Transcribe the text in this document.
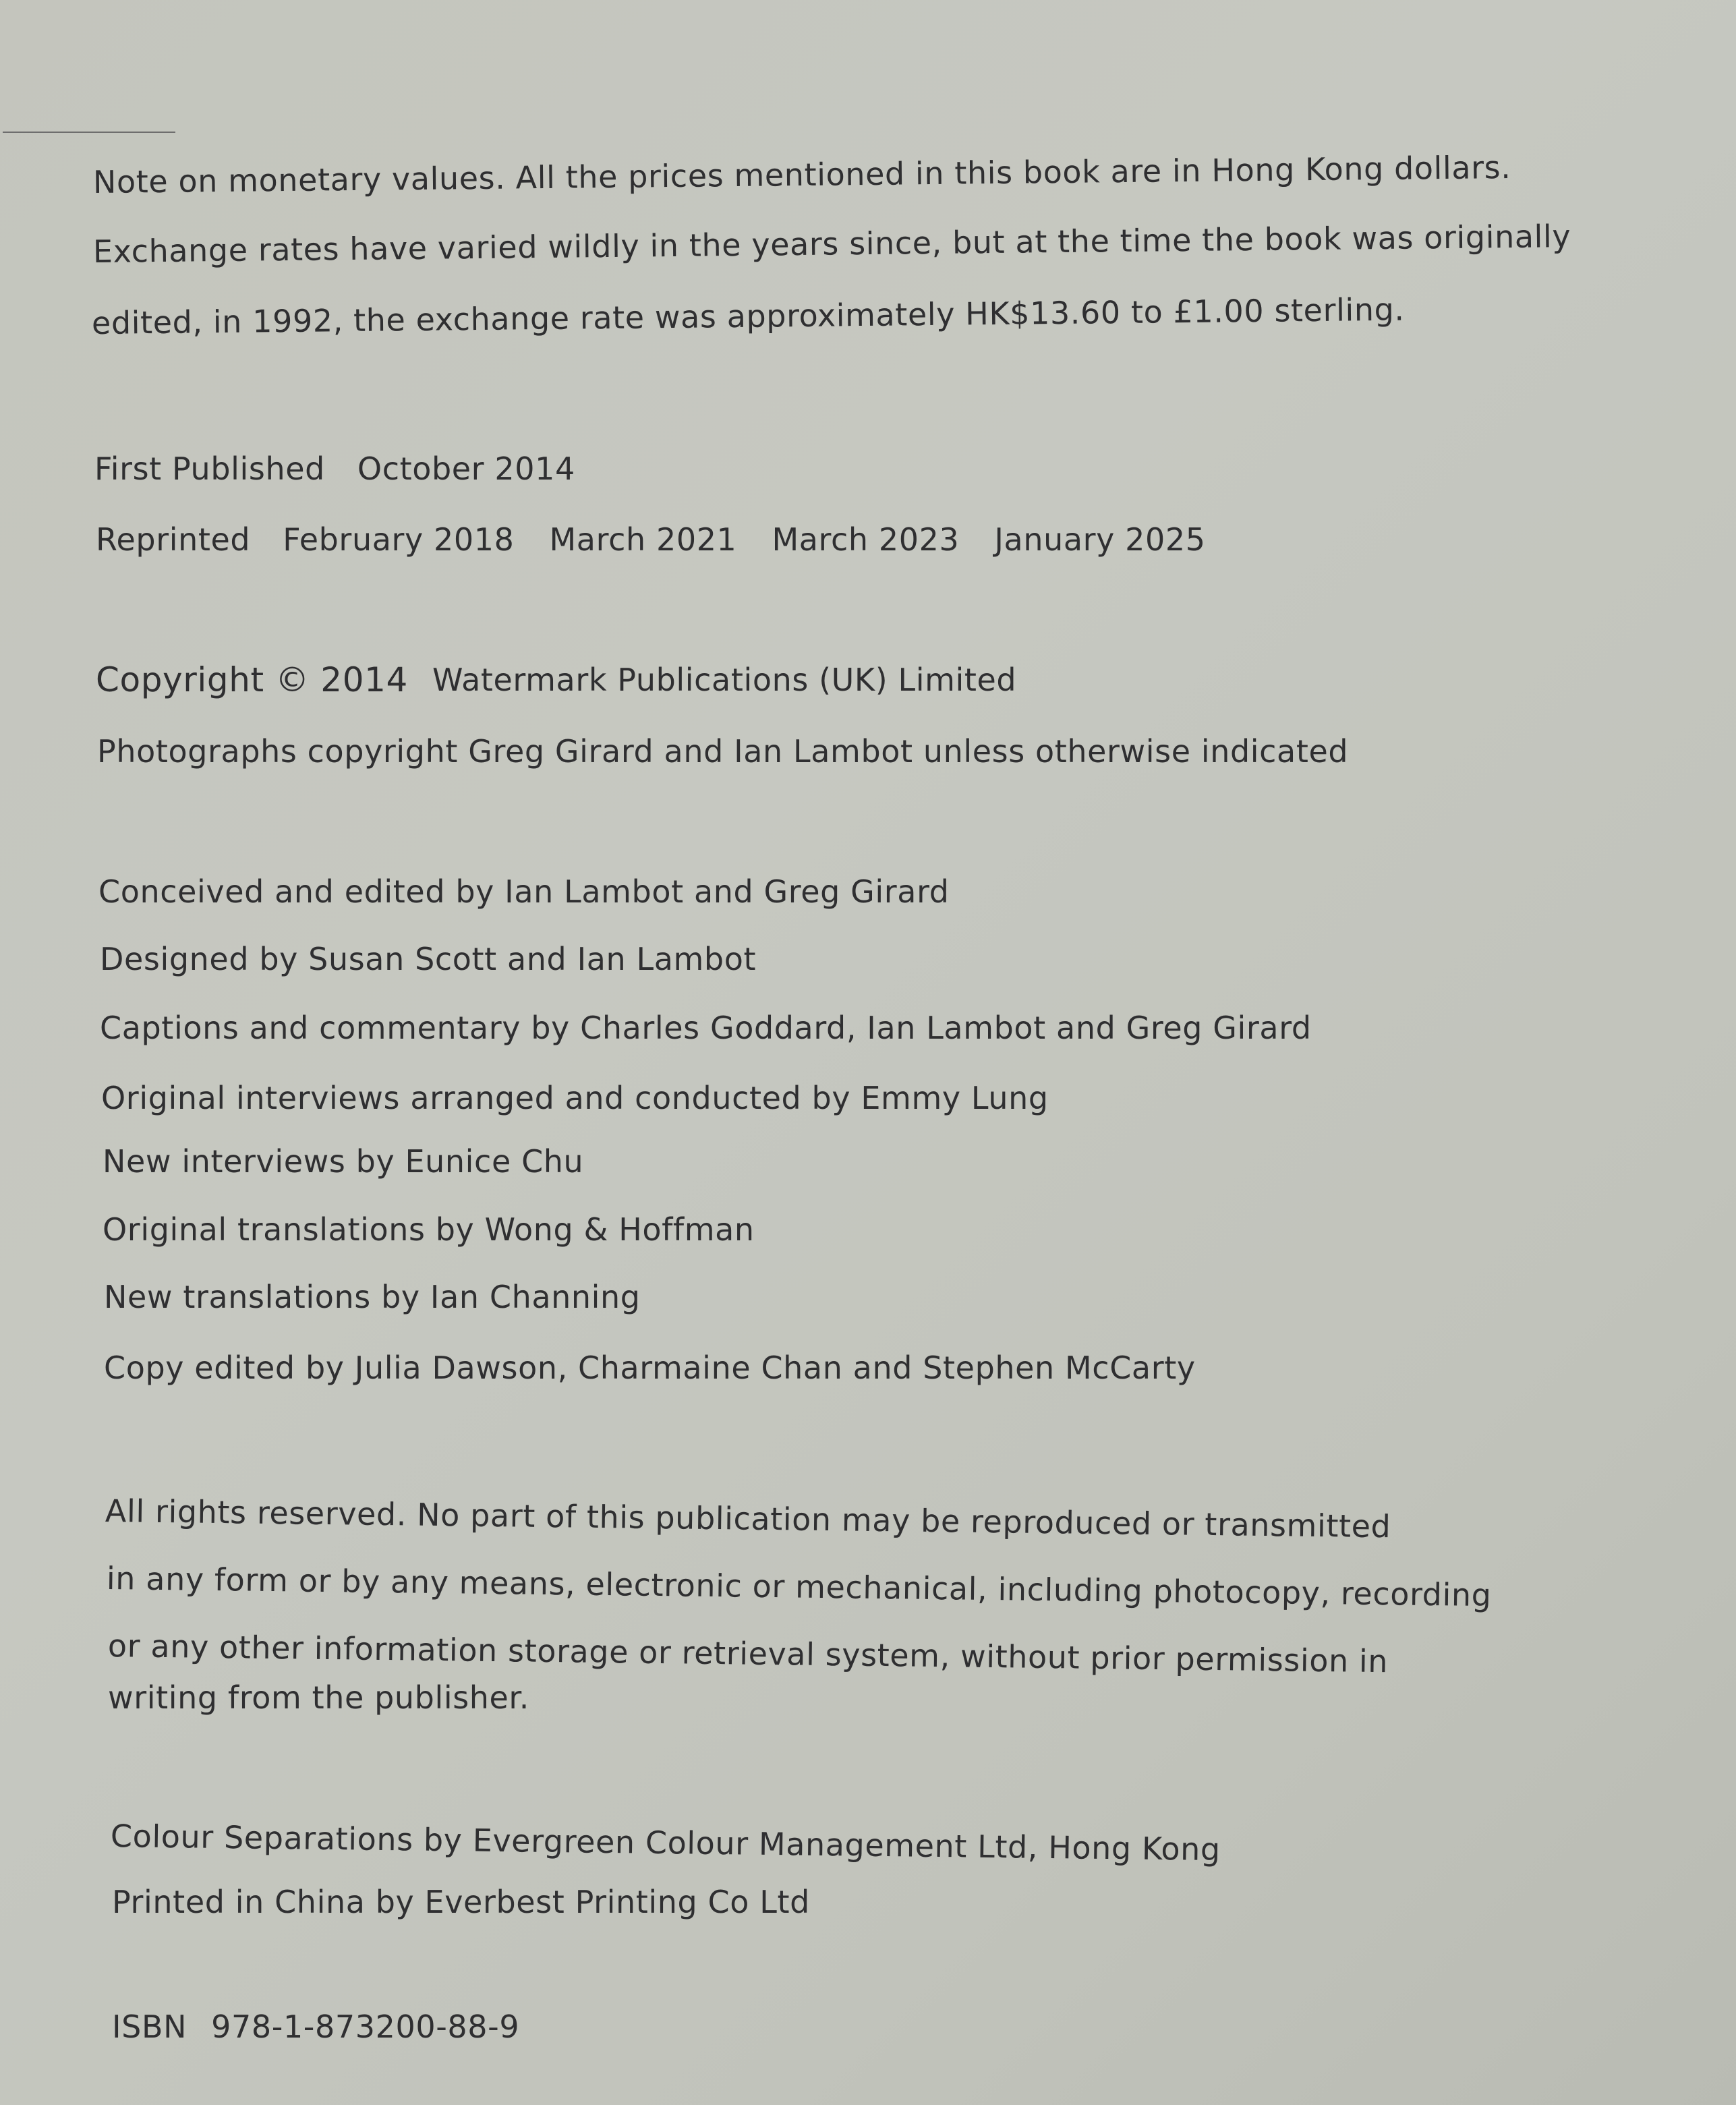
Note on monetary values. All the prices mentioned in this book are in Hong Kong dollars.

Exchange rates have varied wildly in the years since, but at the time the book was originally

edited, in 1992, the exchange rate was approximately HK$13.60 to £1.00 sterling.

First Published October 2014
Reprinted February 2018 March 2021 March 2023 January 2025
Copyright © 2014 Watermark Publications (UK) Limited

Photographs copyright Greg Girard and Ian Lambot unless otherwise indicated

Conceived and edited by Ian Lambot and Greg Girard

Designed by Susan Scott and Ian Lambot

Captions and commentary by Charles Goddard, Ian Lambot and Greg Girard

Original interviews arranged and conducted by Emmy Lung

New interviews by Eunice Chu

Original translations by Wong & Hoffman

New translations by Ian Channing

Copy edited by Julia Dawson, Charmaine Chan and Stephen McCarty

All rights reserved. No part of this publication may be reproduced or transmitted

in any form or by any means, electronic or mechanical, including photocopy, recording

or any other information storage or retrieval system, without prior permission in

writing from the publisher.

Colour Separations by Evergreen Colour Management Ltd, Hong Kong

Printed in China by Everbest Printing Co Ltd

ISBN 978-1-873200-88-9
